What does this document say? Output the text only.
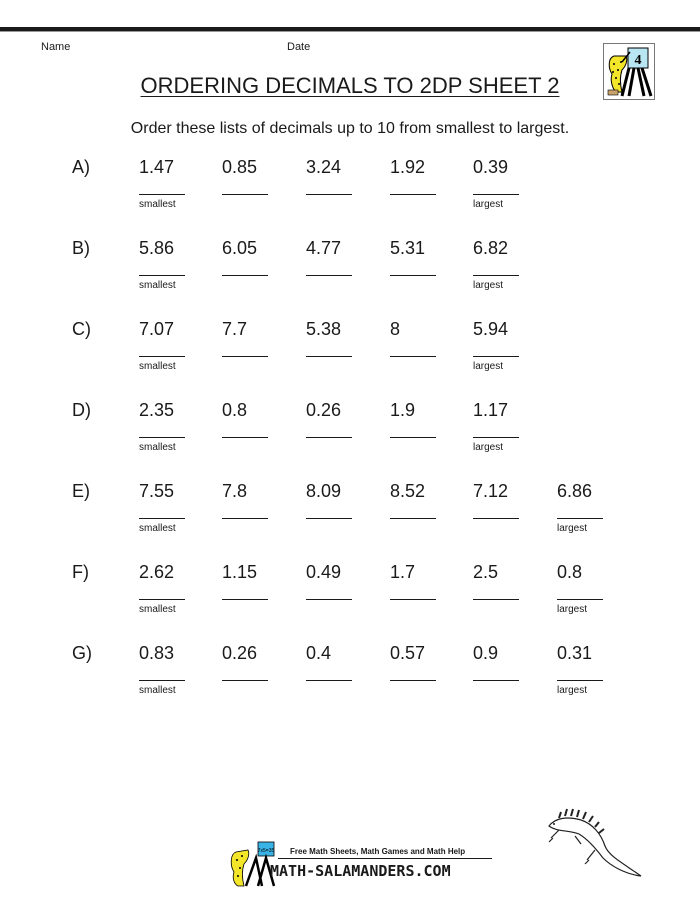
Name	Date
ORDERING DECIMALS TO 2DP SHEET 2
4
Order these lists of decimals up to 10 from smallest to largest.
A)	1.47	0.85	3.24	1.92	0.39
smallest	largest
B)	5.86	6.05	4.77	5.31	6.82
smallest	largest
C)	7.07	7.7	5.38	8	5.94
smallest	largest
D)	2.35	0.8	0.26	1.9	1.17
smallest	largest
E)	7.55	7.8	8.09	8.52	7.12	6.86
smallest	largest
F)	2.62	1.15	0.49	1.7	2.5	0.8
smallest	largest
G)	0.83	0.26	0.4	0.57	0.9	0.31
smallest	largest
7x5=35 Free Math Sheets, Math Games and Math Help
MATH-SALAMANDERS.COM
